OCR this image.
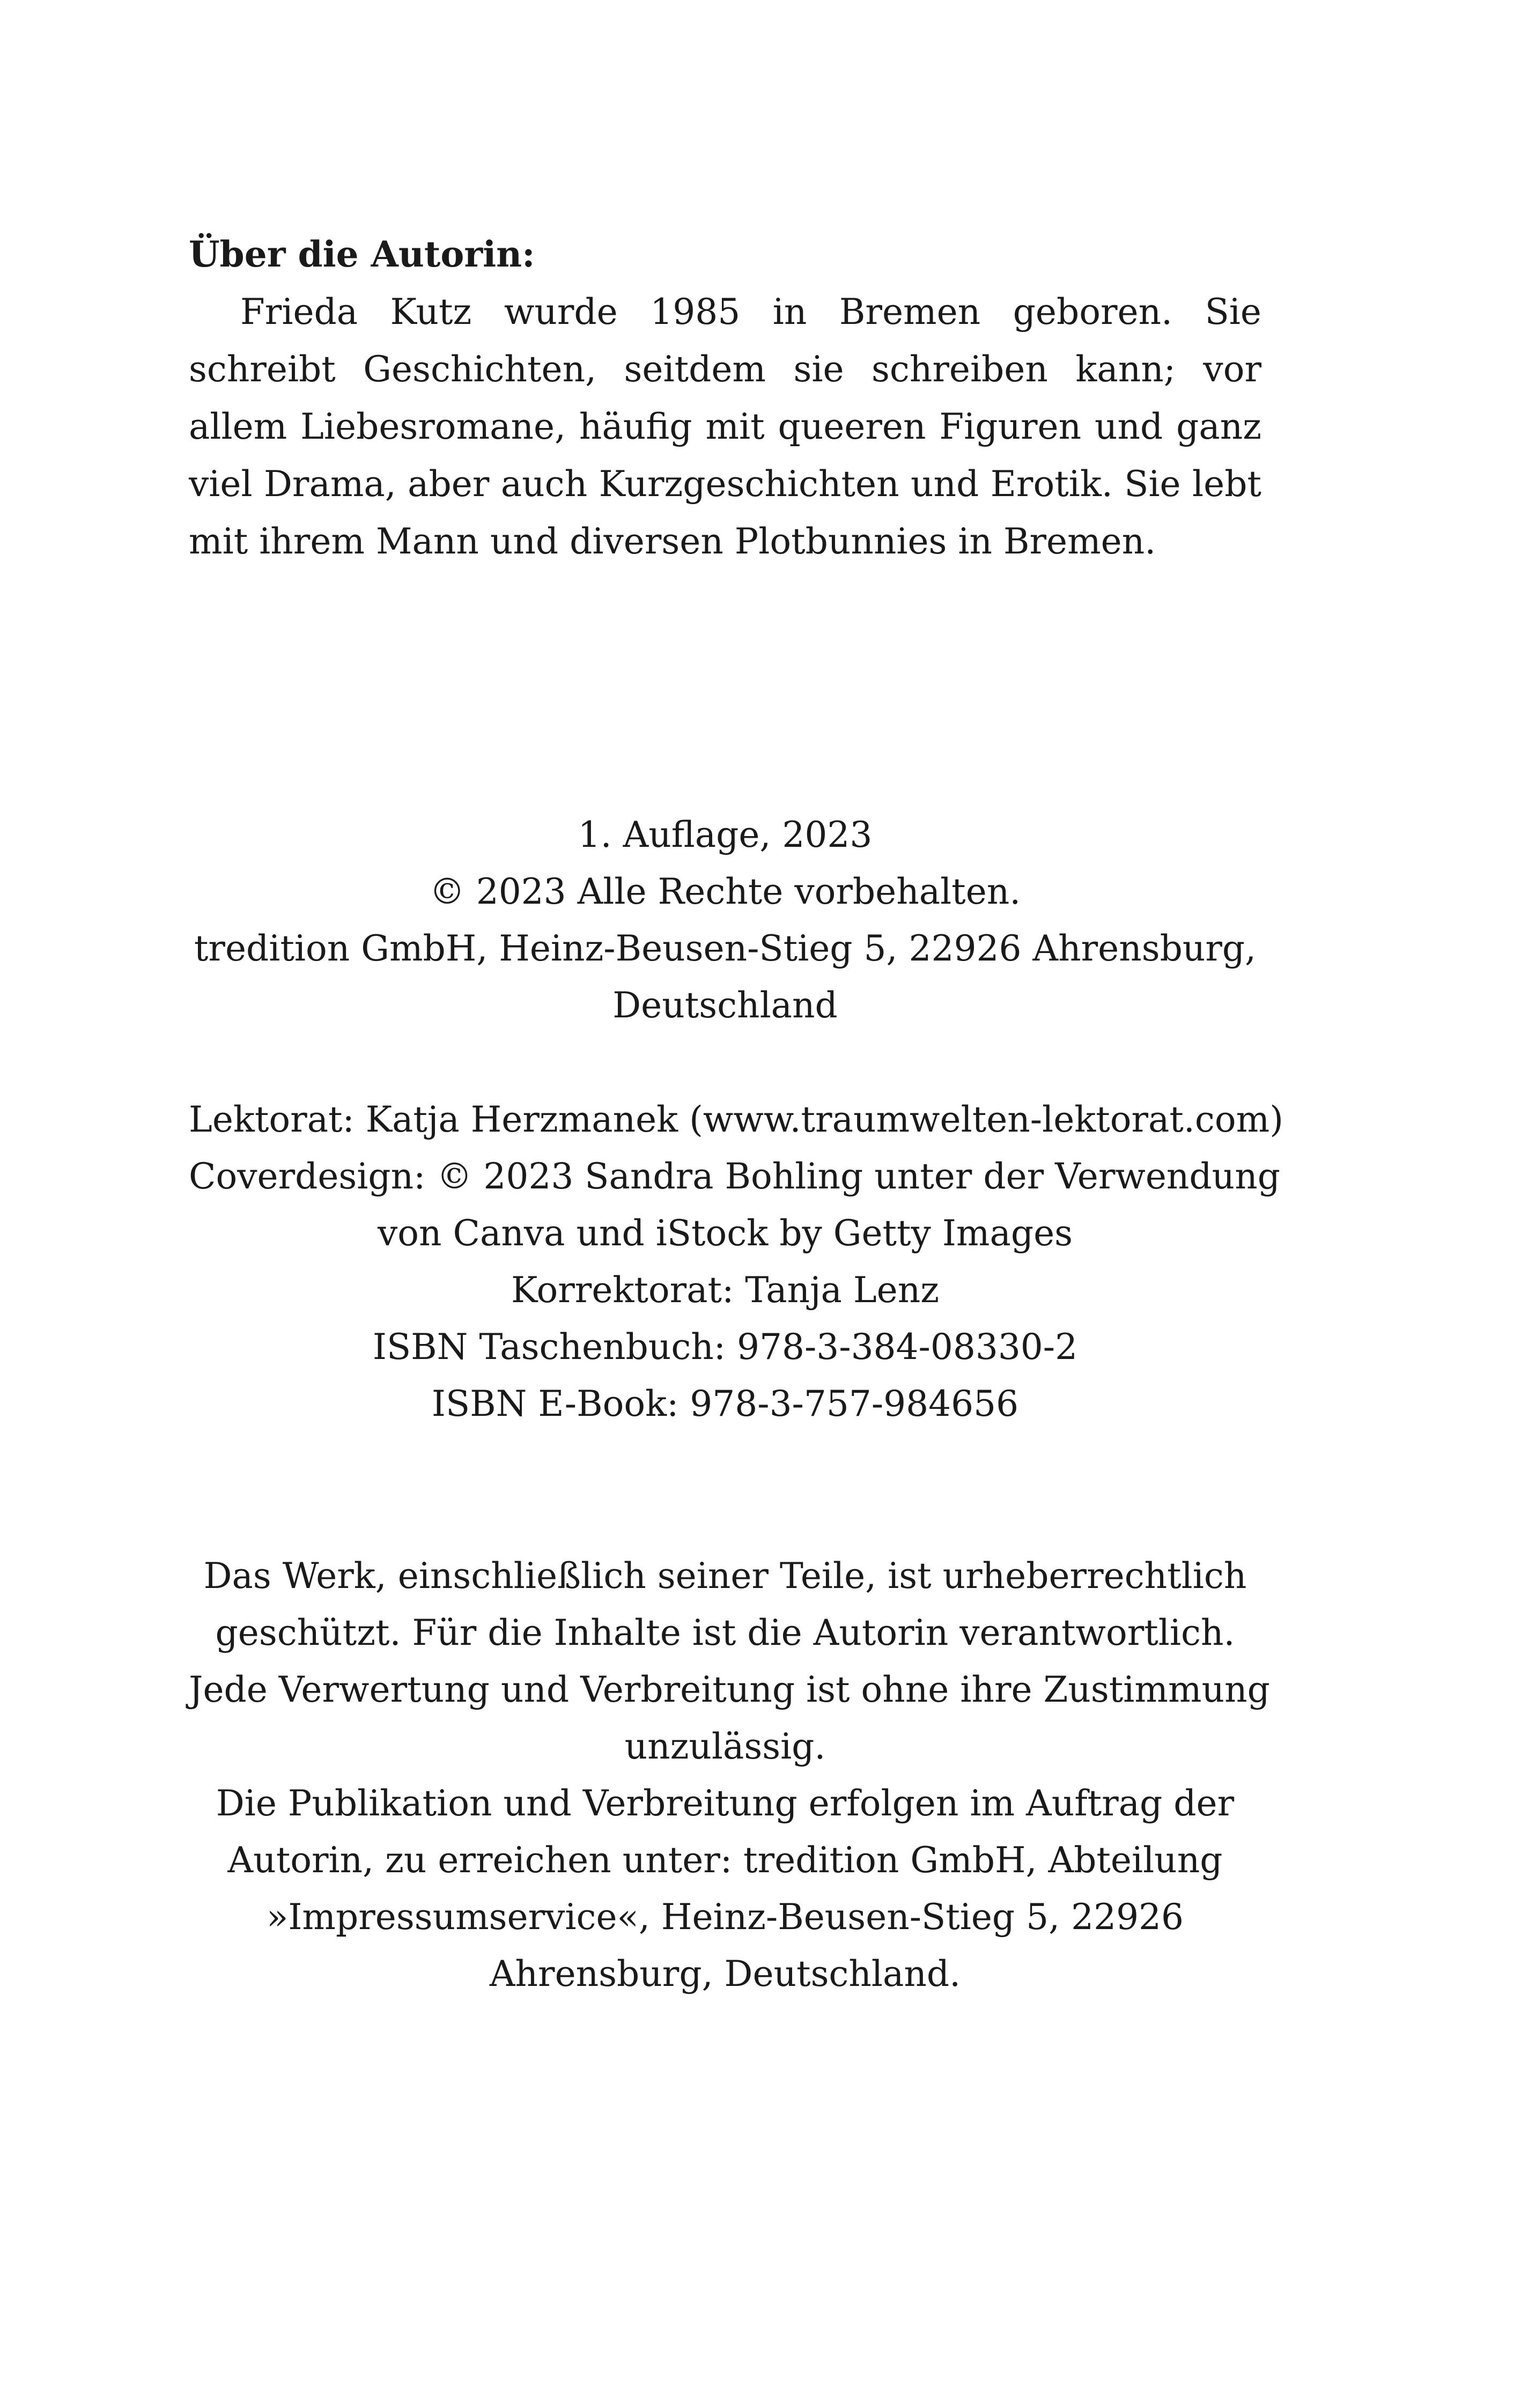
Über die Autorin:

Frieda Kutz wurde 1985 in Bremen geboren. Sie schreibt Geschichten, seitdem sie schreiben kann; vor allem Liebesromane, häufig mit queeren Figuren und ganz viel Drama, aber auch Kurzgeschichten und Erotik. Sie lebt mit ihrem Mann und diversen Plotbunnies in Bremen.

1. Auflage, 2023
© 2023 Alle Rechte vorbehalten.
tredition GmbH, Heinz-Beusen-Stieg 5, 22926 Ahrensburg,
Deutschland
Lektorat: Katja Herzmanek (www.traumwelten-lektorat.com)
Coverdesign: © 2023 Sandra Bohling unter der Verwendung
von Canva und iStock by Getty Images
Korrektorat: Tanja Lenz
ISBN Taschenbuch: 978-3-384-08330-2
ISBN E-Book: 978-3-757-984656
Das Werk, einschließlich seiner Teile, ist urheberrechtlich
geschützt. Für die Inhalte ist die Autorin verantwortlich.
Jede Verwertung und Verbreitung ist ohne ihre Zustimmung
unzulässig.
Die Publikation und Verbreitung erfolgen im Auftrag der
Autorin, zu erreichen unter: tredition GmbH, Abteilung
»Impressumservice«, Heinz-Beusen-Stieg 5, 22926
Ahrensburg, Deutschland.
